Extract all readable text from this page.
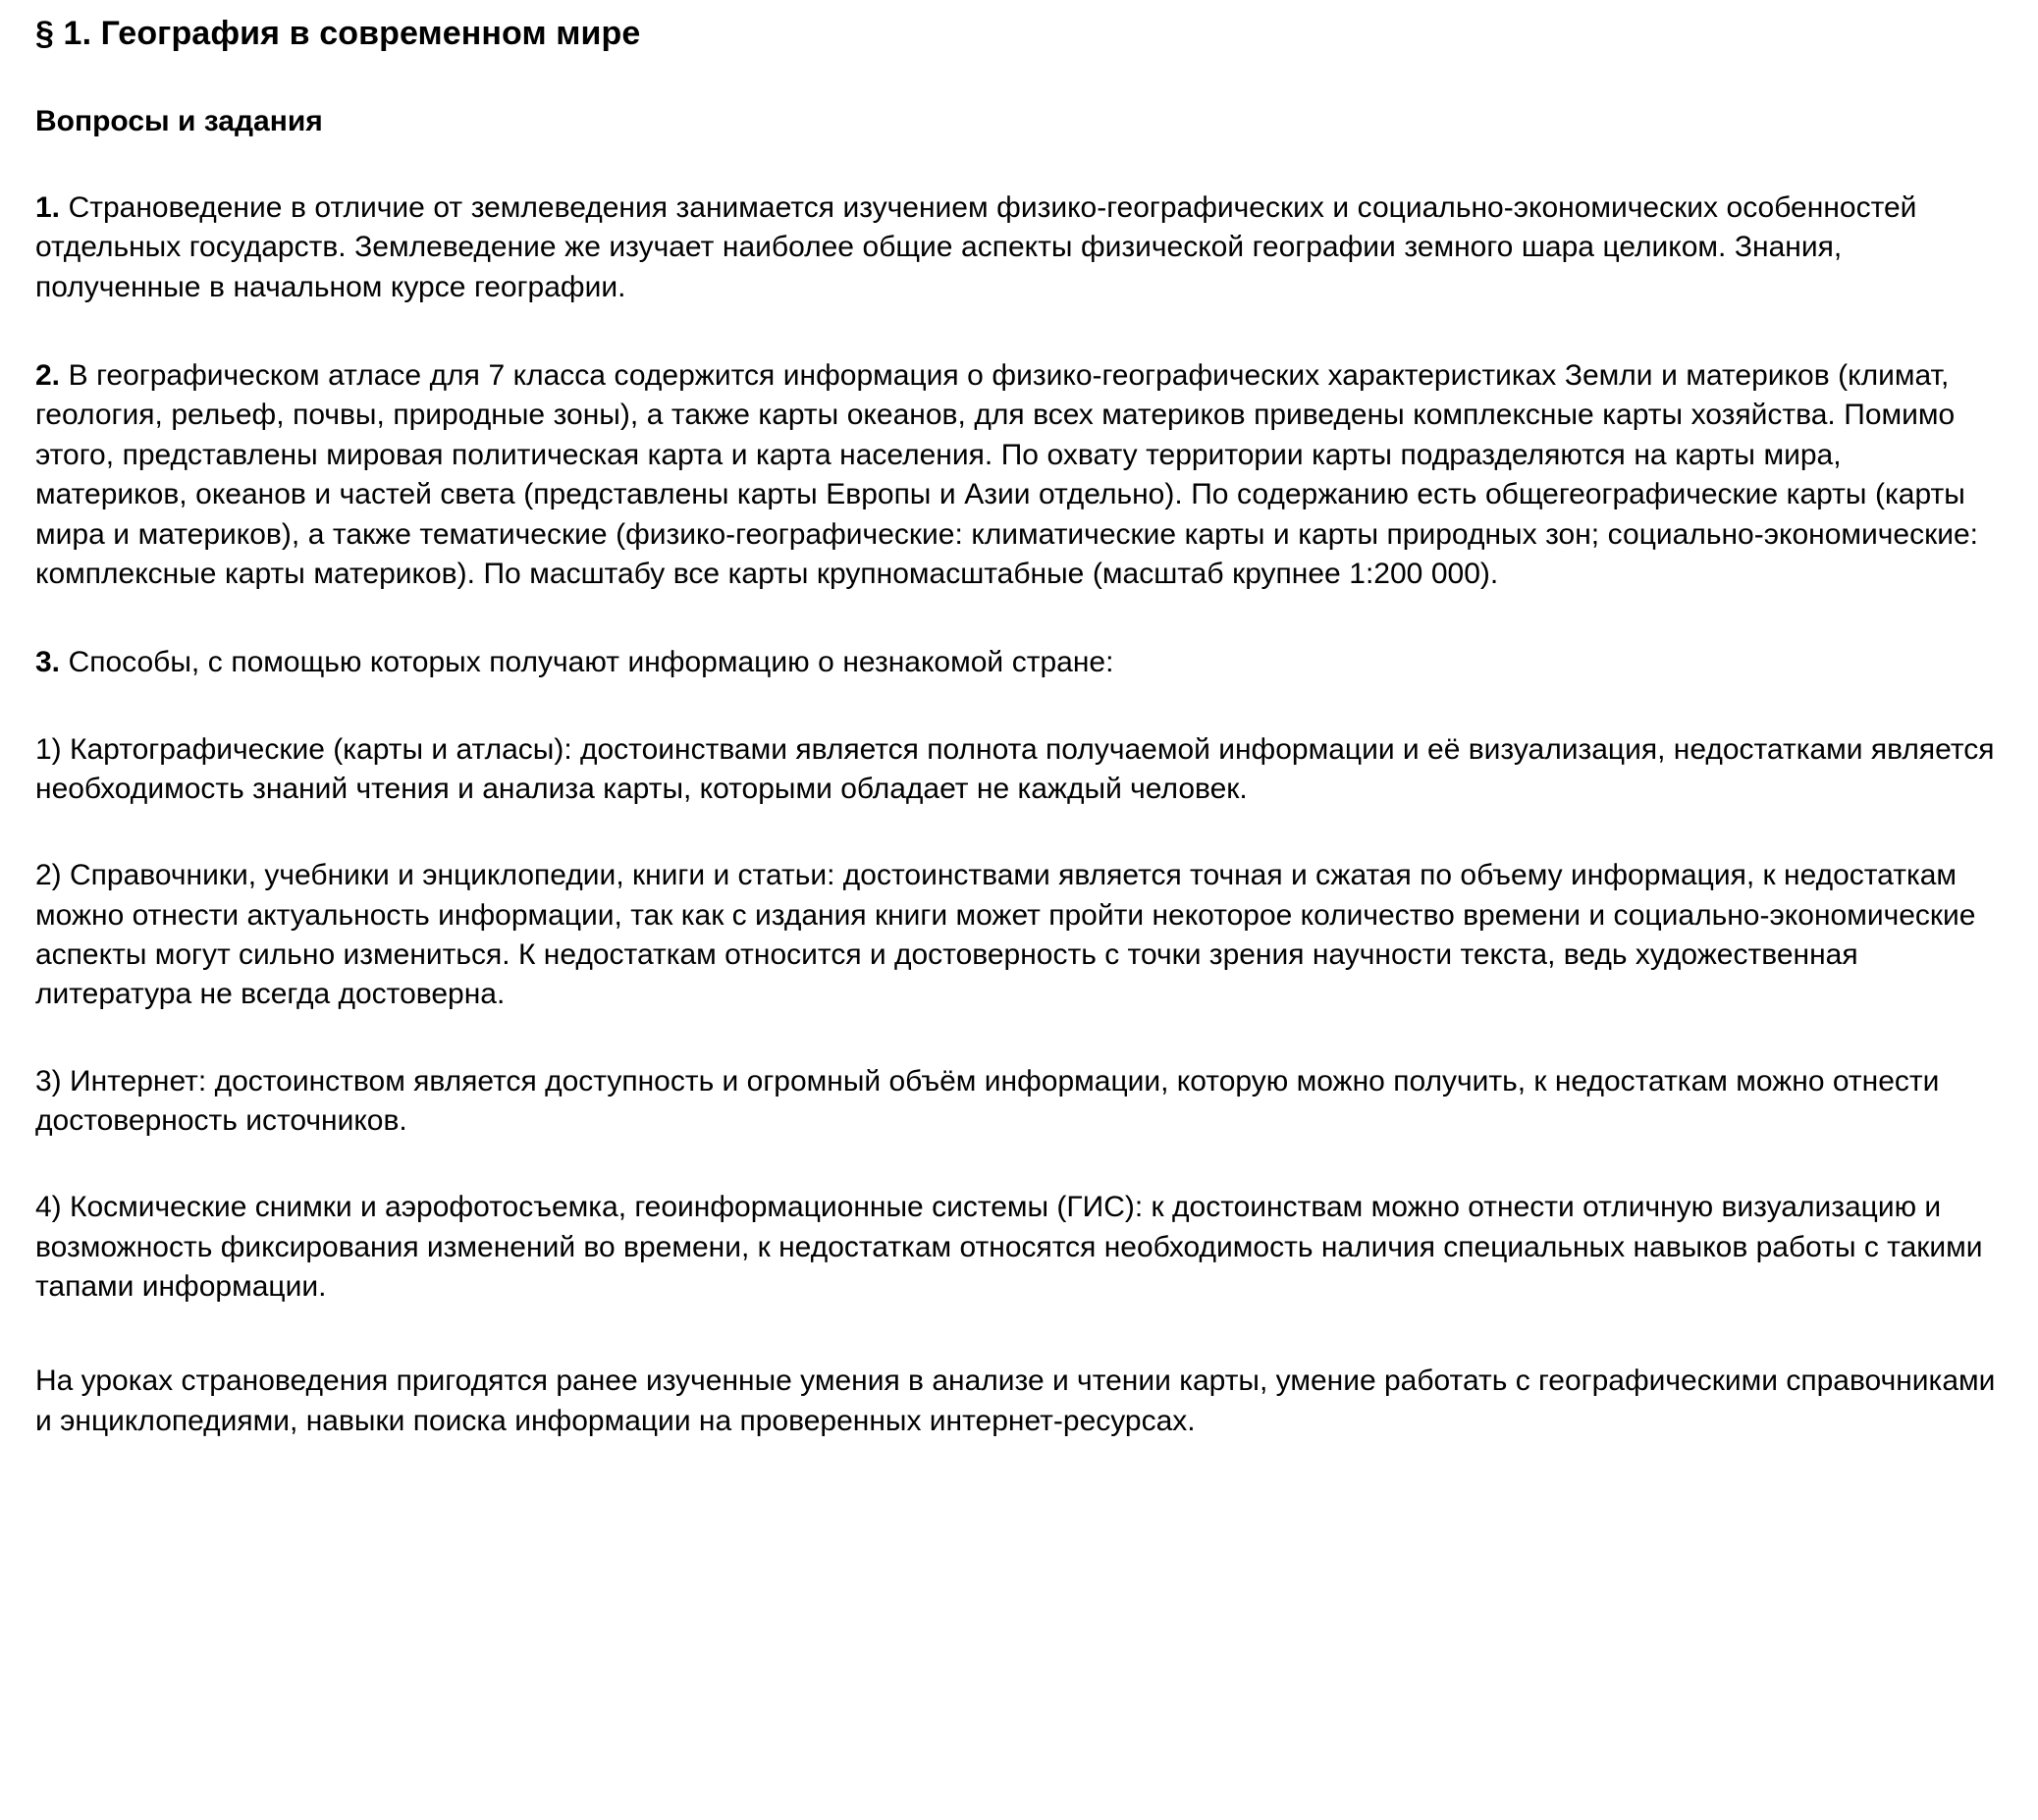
§ 1. География в современном мире
Вопросы и задания

1. Страноведение в отличие от землеведения занимается изучением физико-географических и социально-экономических особенностей отдельных государств. Землеведение же изучает наиболее общие аспекты физической географии земного шара целиком. Знания, полученные в начальном курсе географии.

2. В географическом атласе для 7 класса содержится информация о физико-географических характеристиках Земли и материков (климат, геология, рельеф, почвы, природные зоны), а также карты океанов, для всех материков приведены комплексные карты хозяйства. Помимо этого, представлены мировая политическая карта и карта населения. По охвату территории карты подразделяются на карты мира, материков, океанов и частей света (представлены карты Европы и Азии отдельно). По содержанию есть общегеографические карты (карты мира и материков), а также тематические (физико-географические: климатические карты и карты природных зон; социально-экономические: комплексные карты материков). По масштабу все карты крупномасштабные (масштаб крупнее 1:200 000).

3. Способы, с помощью которых получают информацию о незнакомой стране:

1) Картографические (карты и атласы): достоинствами является полнота получаемой информации и её визуализация, недостатками является необходимость знаний чтения и анализа карты, которыми обладает не каждый человек.

2) Справочники, учебники и энциклопедии, книги и статьи: достоинствами является точная и сжатая по объему информация, к недостаткам можно отнести актуальность информации, так как с издания книги может пройти некоторое количество времени и социально-экономические аспекты могут сильно измениться. К недостаткам относится и достоверность с точки зрения научности текста, ведь художественная литература не всегда достоверна.

3) Интернет: достоинством является доступность и огромный объём информации, которую можно получить, к недостаткам можно отнести достоверность источников.

4) Космические снимки и аэрофотосъемка, геоинформационные системы (ГИС): к достоинствам можно отнести отличную визуализацию и возможность фиксирования изменений во времени, к недостаткам относятся необходимость наличия специальных навыков работы с такими тапами информации.

На уроках страноведения пригодятся ранее изученные умения в анализе и чтении карты, умение работать с географическими справочниками и энциклопедиями, навыки поиска информации на проверенных интернет-ресурсах.
